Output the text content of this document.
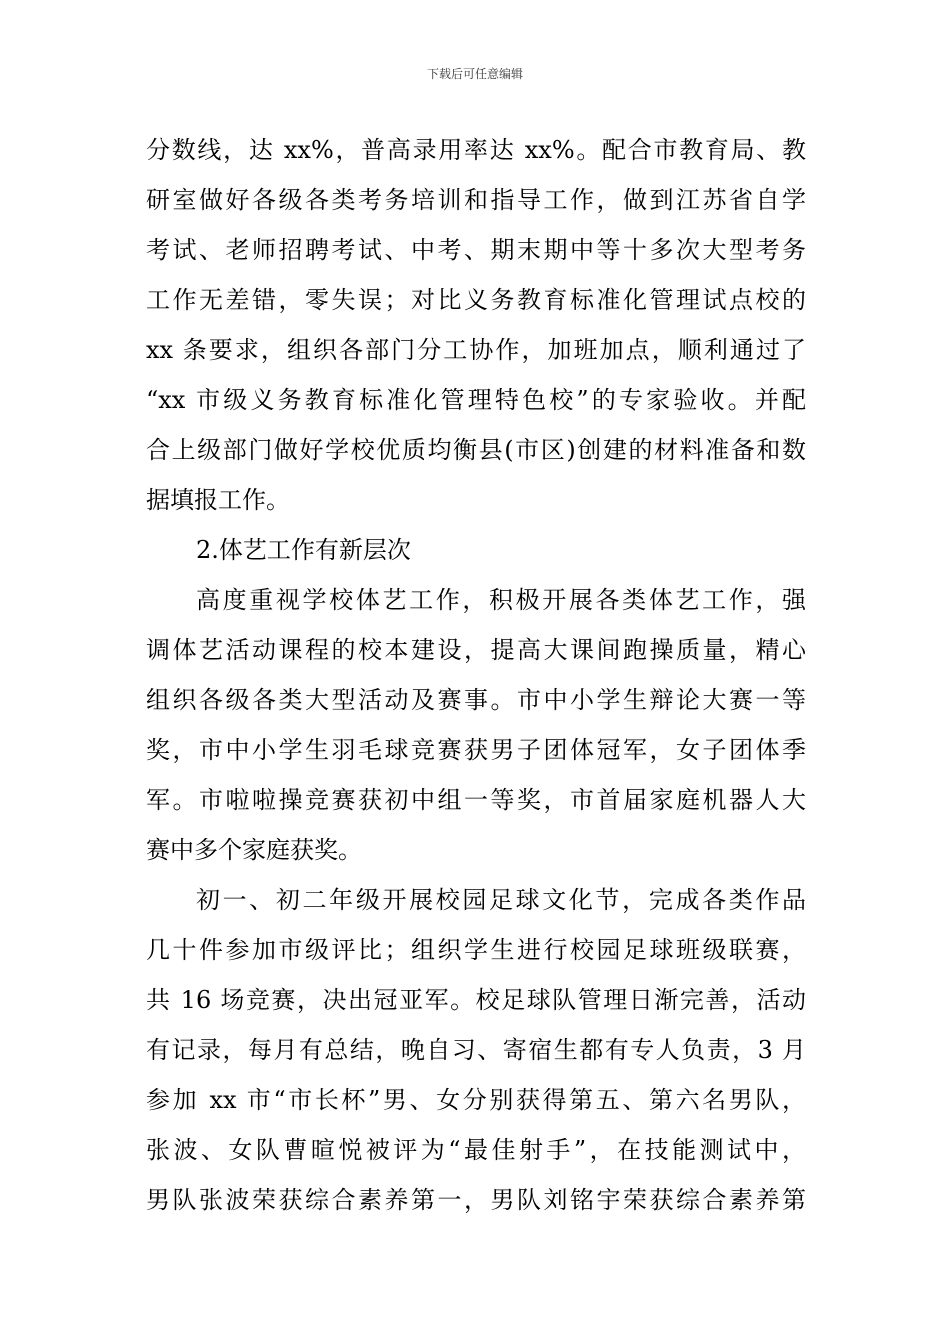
下载后可任意编辑
分数线，达 xx%，普高录用率达 xx%。配合市教育局、教
研室做好各级各类考务培训和指导工作，做到江苏省自学
考试、老师招聘考试、中考、期末期中等十多次大型考务
工作无差错，零失误；对比义务教育标准化管理试点校的
xx 条要求，组织各部门分工协作，加班加点，顺利通过了
“xx 市级义务教育标准化管理特色校”的专家验收。并配
合上级部门做好学校优质均衡县(市区)创建的材料准备和数
据填报工作。
2.体艺工作有新层次
高度重视学校体艺工作，积极开展各类体艺工作，强
调体艺活动课程的校本建设，提高大课间跑操质量，精心
组织各级各类大型活动及赛事。市中小学生辩论大赛一等
奖，市中小学生羽毛球竞赛获男子团体冠军，女子团体季
军。市啦啦操竞赛获初中组一等奖，市首届家庭机器人大
赛中多个家庭获奖。
初一、初二年级开展校园足球文化节，完成各类作品
几十件参加市级评比；组织学生进行校园足球班级联赛，
共 16 场竞赛，决出冠亚军。校足球队管理日渐完善，活动
有记录，每月有总结，晚自习、寄宿生都有专人负责，3 月
参加 xx 市“市长杯”男、女分别获得第五、第六名男队，
张波、女队曹暄悦被评为“最佳射手”，在技能测试中，
男队张波荣获综合素养第一，男队刘铭宇荣获综合素养第
